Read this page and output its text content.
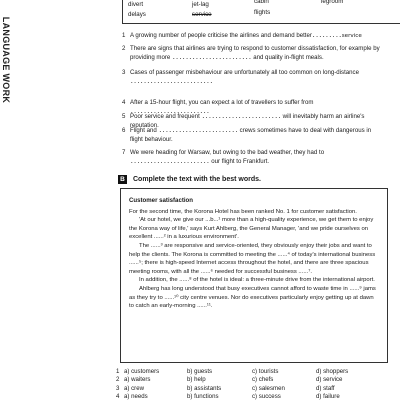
LANGUAGE WORK
divert	jet-lag	cabin	legroom
delays	service	flights
1 A growing number of people criticise the airlines and demand better.........service
2 There are signs that airlines are trying to respond to customer dissatisfaction, for example by providing more ........................ and quality in-flight meals.
3 Cases of passenger misbehaviour are unfortunately all too common on long-distance .........................
4 After a 15-hour flight, you can expect a lot of travellers to suffer from ........................
5 Poor service and frequent ........................ will inevitably harm an airline's reputation.
6 Flight and ........................ crews sometimes have to deal with dangerous in flight behaviour.
7 We were heading for Warsaw, but owing to the bad weather, they had to ........................ our flight to Frankfurt.
B	Complete the text with the best words.
Customer satisfaction

For the second time, the Korona Hotel has been ranked No. 1 for customer satisfaction.

'At our hotel, we give our ...b...¹ more than a high-quality experience, we get them to enjoy the Korona way of life,' says Kurt Ahlberg, the General Manager, 'and we pride ourselves on excellent ......² in a luxurious environment'.

The ......³ are responsive and service-oriented, they obviously enjoy their jobs and want to help the clients. The Korona is committed to meeting the ......⁴ of today's international business ......⁵; there is high-speed Internet access throughout the hotel, and there are three spacious meeting rooms, with all the ......⁶ needed for successful business ......⁷.

In addition, the ......⁸ of the hotel is ideal: a three-minute drive from the international airport.

Ahlberg has long understood that busy executives cannot afford to waste time in ......⁹ jams as they try to ......¹⁰ city centre venues. Nor do executives particularly enjoy getting up at dawn to catch an early-morning ......¹¹.

1 a) customers	b) guests	c) tourists	d) shoppers
2 a) waiters	b) help	c) chefs	d) service
3 a) crew	b) assistants	c) salesmen	d) staff
4 a) needs	b) functions	c) success	d) failure
